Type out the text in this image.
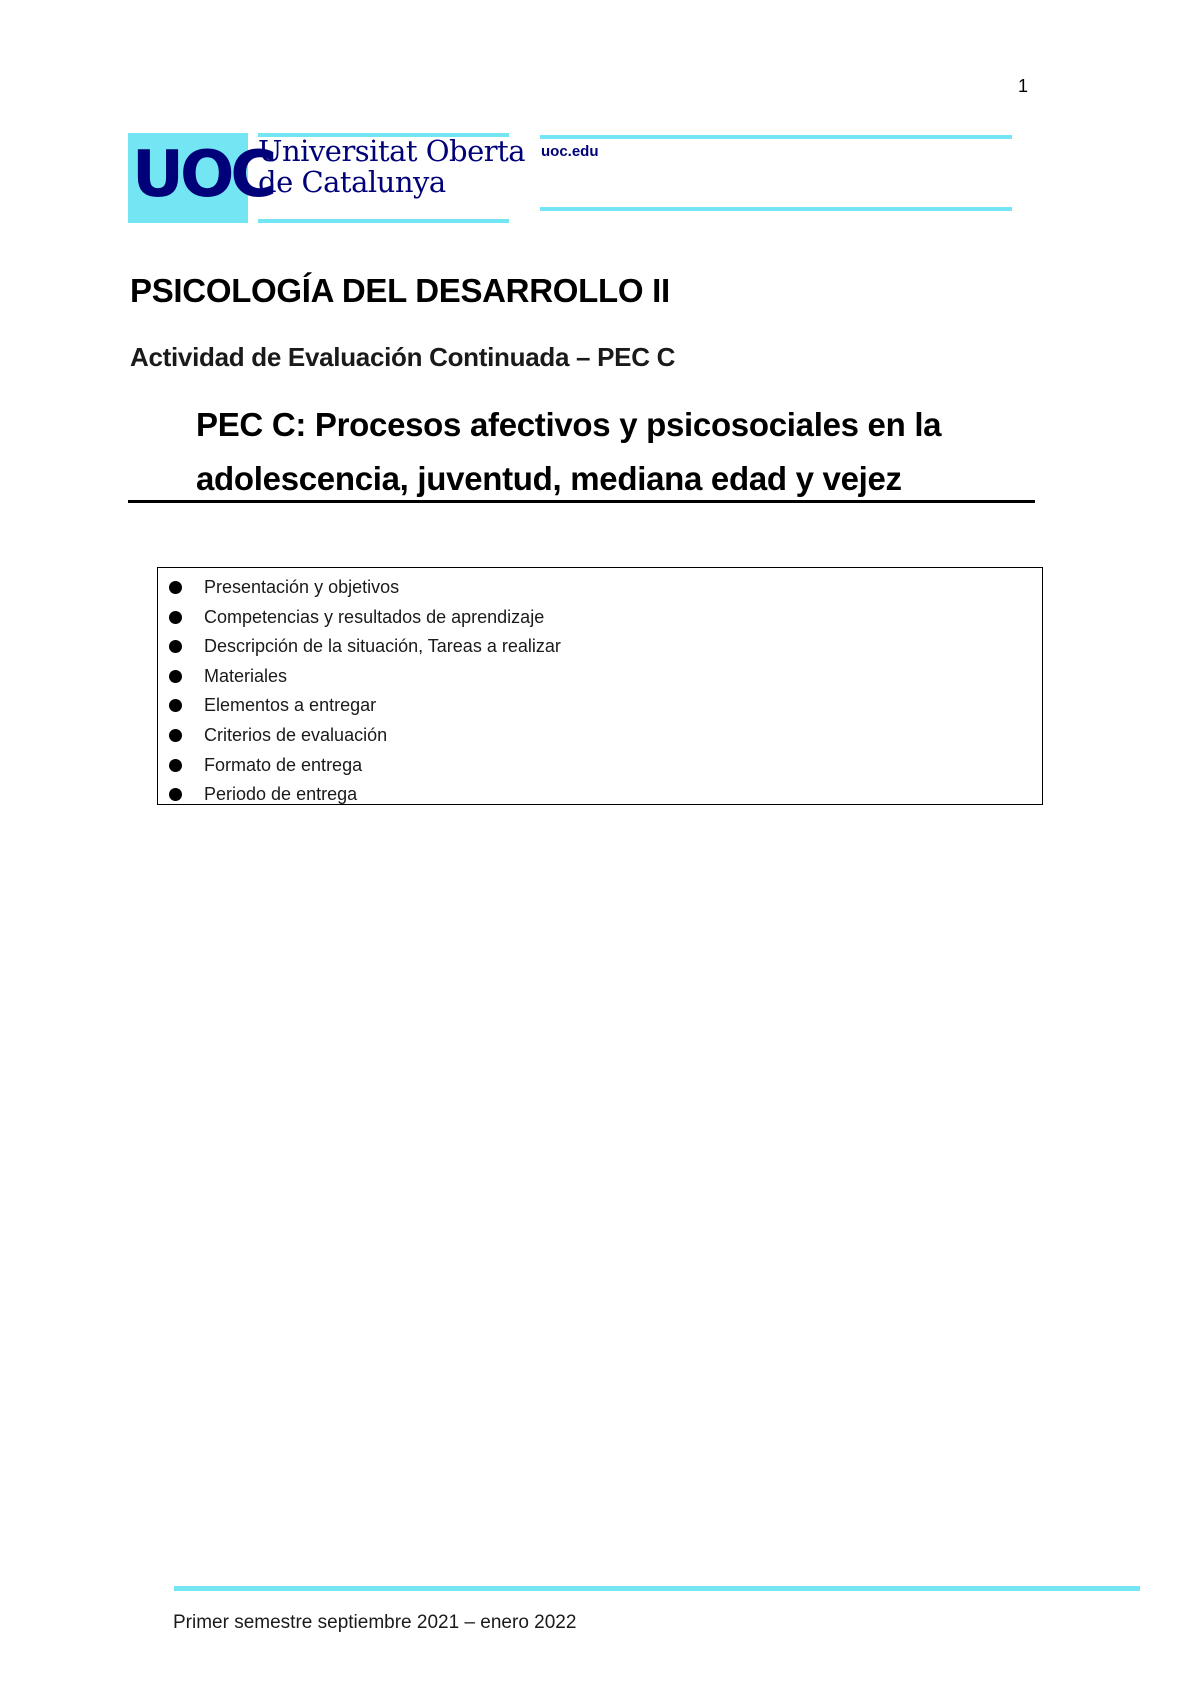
1
UOC
Universitat Oberta
de Catalunya
uoc.edu
PSICOLOGÍA DEL DESARROLLO II
Actividad de Evaluación Continuada – PEC C
PEC C: Procesos afectivos y psicosociales en la
adolescencia, juventud, mediana edad y vejez
Presentación y objetivos
Competencias y resultados de aprendizaje
Descripción de la situación, Tareas a realizar
Materiales
Elementos a entregar
Criterios de evaluación
Formato de entrega
Periodo de entrega
Primer semestre septiembre 2021 – enero 2022
